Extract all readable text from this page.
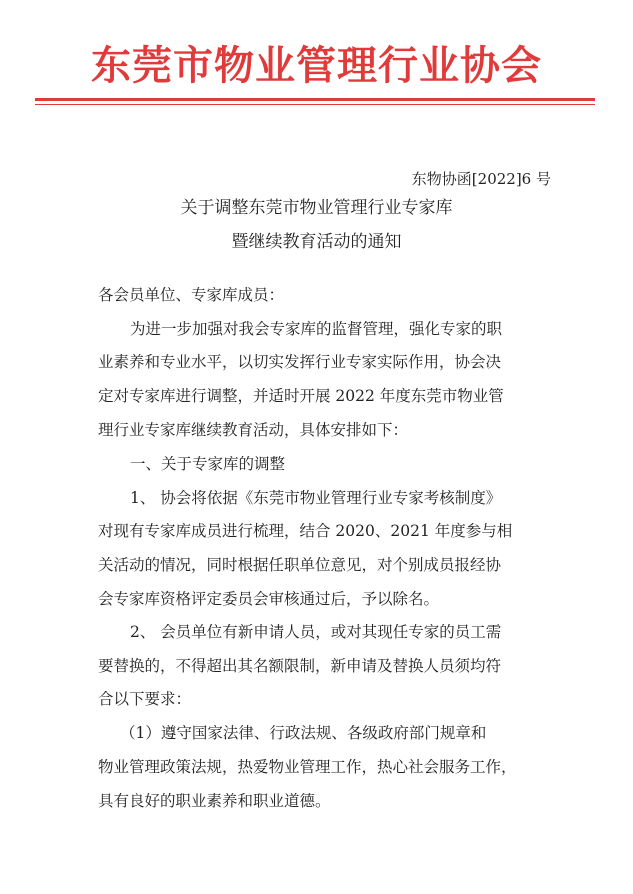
东莞市物业管理行业协会
东物协函[2022]6 号
关于调整东莞市物业管理行业专家库
暨继续教育活动的通知
各会员单位、专家库成员：
为进一步加强对我会专家库的监督管理，强化专家的职
业素养和专业水平，以切实发挥行业专家实际作用，协会决
定对专家库进行调整，并适时开展 2022 年度东莞市物业管
理行业专家库继续教育活动，具体安排如下：
一、关于专家库的调整
1、 协会将依据《东莞市物业管理行业专家考核制度》
对现有专家库成员进行梳理，结合 2020、2021 年度参与相
关活动的情况，同时根据任职单位意见，对个别成员报经协
会专家库资格评定委员会审核通过后，予以除名。
2、 会员单位有新申请人员，或对其现任专家的员工需
要替换的，不得超出其名额限制，新申请及替换人员须均符
合以下要求：
（1）遵守国家法律、行政法规、各级政府部门规章和
物业管理政策法规，热爱物业管理工作，热心社会服务工作，
具有良好的职业素养和职业道德。
